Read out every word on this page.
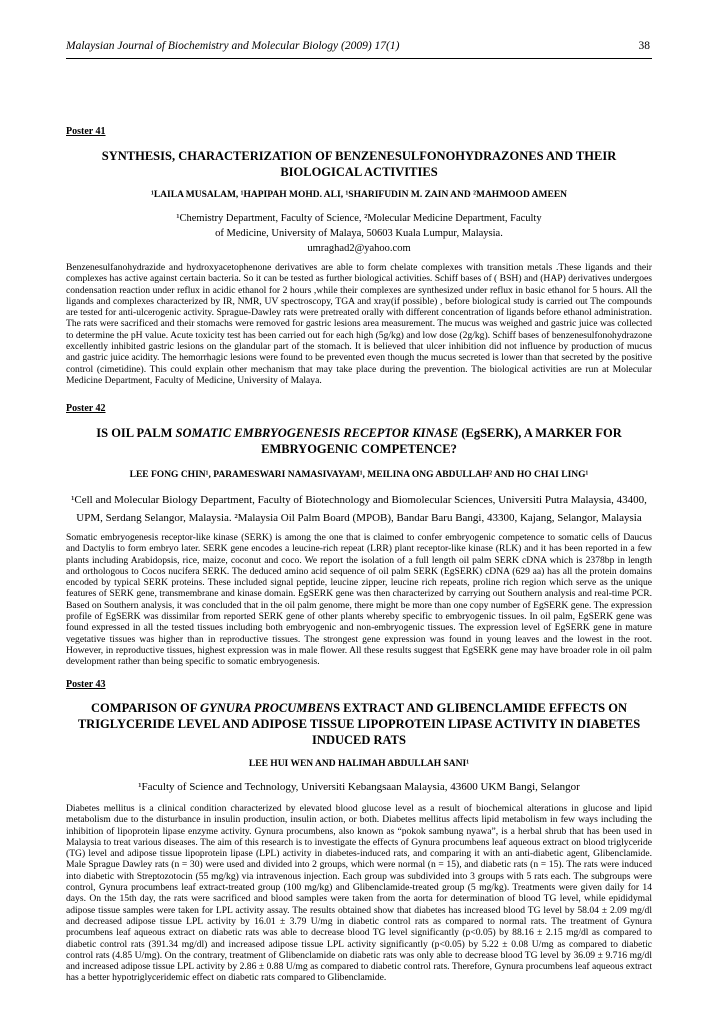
Malaysian Journal of Biochemistry and Molecular Biology (2009) 17(1)	38

Poster 41

SYNTHESIS, CHARACTERIZATION OF BENZENESULFONOHYDRAZONES AND THEIR BIOLOGICAL ACTIVITIES

¹LAILA MUSALAM, ¹HAPIPAH MOHD. ALI, ¹SHARIFUDIN M. ZAIN AND ²MAHMOOD AMEEN

¹Chemistry Department, Faculty of Science, ²Molecular Medicine Department, Faculty of Medicine, University of Malaya, 50603 Kuala Lumpur, Malaysia.

umraghad2@yahoo.com

Benzenesulfanohydrazide and hydroxyacetophenone derivatives are able to form chelate complexes with transition metals .These ligands and their complexes has active against certain bacteria. So it can be tested as further biological activities. Schiff bases of ( BSH) and (HAP) derivatives undergoes condensation reaction under reflux in acidic ethanol for 2 hours ,while their complexes are synthesized under reflux in basic ethanol for 5 hours. All the ligands and complexes characterized by IR, NMR, UV spectroscopy, TGA and xray(if possible) , before biological study is carried out The compounds are tested for anti-ulcerogenic activity. Sprague-Dawley rats were pretreated orally with different concentration of ligands before ethanol administration. The rats were sacrificed and their stomachs were removed for gastric lesions area measurement. The mucus was weighed and gastric juice was collected to determine the pH value. Acute toxicity test has been carried out for each high (5g/kg) and low dose (2g/kg). Schiff bases of benzenesulfonohydrazone excellently inhibited gastric lesions on the glandular part of the stomach. It is believed that ulcer inhibition did not influence by production of mucus and gastric juice acidity. The hemorrhagic lesions were found to be prevented even though the mucus secreted is lower than that secreted by the positive control (cimetidine). This could explain other mechanism that may take place during the prevention. The biological activities are run at Molecular Medicine Department, Faculty of Medicine, University of Malaya.

Poster 42

IS OIL PALM SOMATIC EMBRYOGENESIS RECEPTOR KINASE (EgSERK), A MARKER FOR EMBRYOGENIC COMPETENCE?

LEE FONG CHIN¹, PARAMESWARI NAMASIVAYAM¹, MEILINA ONG ABDULLAH² AND HO CHAI LING¹

¹Cell and Molecular Biology Department, Faculty of Biotechnology and Biomolecular Sciences, Universiti Putra Malaysia, 43400, UPM, Serdang Selangor, Malaysia. ²Malaysia Oil Palm Board (MPOB), Bandar Baru Bangi, 43300, Kajang, Selangor, Malaysia

Somatic embryogenesis receptor-like kinase (SERK) is among the one that is claimed to confer embryogenic competence to somatic cells of Daucus and Dactylis to form embryo later. SERK gene encodes a leucine-rich repeat (LRR) plant receptor-like kinase (RLK) and it has been reported in a few plants including Arabidopsis, rice, maize, coconut and coco. We report the isolation of a full length oil palm SERK cDNA which is 2378bp in length and orthologous to Cocos nucifera SERK. The deduced amino acid sequence of oil palm SERK (EgSERK) cDNA (629 aa) has all the protein domains encoded by typical SERK proteins. These included signal peptide, leucine zipper, leucine rich repeats, proline rich region which serve as the unique features of SERK gene, transmembrane and kinase domain. EgSERK gene was then characterized by carrying out Southern analysis and real-time PCR. Based on Southern analysis, it was concluded that in the oil palm genome, there might be more than one copy number of EgSERK gene. The expression profile of EgSERK was dissimilar from reported SERK gene of other plants whereby specific to embryogenic tissues. In oil palm, EgSERK gene was found expressed in all the tested tissues including both embryogenic and non-embryogenic tissues. The expression level of EgSERK gene in mature vegetative tissues was higher than in reproductive tissues. The strongest gene expression was found in young leaves and the lowest in the root. However, in reproductive tissues, highest expression was in male flower. All these results suggest that EgSERK gene may have broader role in oil palm development rather than being specific to somatic embryogenesis.

Poster 43

COMPARISON OF GYNURA PROCUMBENS EXTRACT AND GLIBENCLAMIDE EFFECTS ON TRIGLYCERIDE LEVEL AND ADIPOSE TISSUE LIPOPROTEIN LIPASE ACTIVITY IN DIABETES INDUCED RATS

LEE HUI WEN AND HALIMAH ABDULLAH SANI¹

¹Faculty of Science and Technology, Universiti Kebangsaan Malaysia, 43600 UKM Bangi, Selangor

Diabetes mellitus is a clinical condition characterized by elevated blood glucose level as a result of biochemical alterations in glucose and lipid metabolism due to the disturbance in insulin production, insulin action, or both. Diabetes mellitus affects lipid metabolism in few ways including the inhibition of lipoprotein lipase enzyme activity. Gynura procumbens, also known as “pokok sambung nyawa”, is a herbal shrub that has been used in Malaysia to treat various diseases. The aim of this research is to investigate the effects of Gynura procumbens leaf aqueous extract on blood triglyceride (TG) level and adipose tissue lipoprotein lipase (LPL) activity in diabetes-induced rats, and comparing it with an anti-diabetic agent, Glibenclamide. Male Sprague Dawley rats (n = 30) were used and divided into 2 groups, which were normal (n = 15), and diabetic rats (n = 15). The rats were induced into diabetic with Streptozotocin (55 mg/kg) via intravenous injection. Each group was subdivided into 3 groups with 5 rats each. The subgroups were control, Gynura procumbens leaf extract-treated group (100 mg/kg) and Glibenclamide-treated group (5 mg/kg). Treatments were given daily for 14 days. On the 15th day, the rats were sacrificed and blood samples were taken from the aorta for determination of blood TG level, while epididymal adipose tissue samples were taken for LPL activity assay. The results obtained show that diabetes has increased blood TG level by 58.04 ± 2.09 mg/dl and decreased adipose tissue LPL activity by 16.01 ± 3.79 U/mg in diabetic control rats as compared to normal rats. The treatment of Gynura procumbens leaf aqueous extract on diabetic rats was able to decrease blood TG level significantly (p<0.05) by 88.16 ± 2.15 mg/dl as compared to diabetic control rats (391.34 mg/dl) and increased adipose tissue LPL activity significantly (p<0.05) by 5.22 ± 0.08 U/mg as compared to diabetic control rats (4.85 U/mg). On the contrary, treatment of Glibenclamide on diabetic rats was only able to decrease blood TG level by 36.09 ± 9.716 mg/dl and increased adipose tissue LPL activity by 2.86 ± 0.88 U/mg as compared to diabetic control rats. Therefore, Gynura procumbens leaf aqueous extract has a better hypotriglyceridemic effect on diabetic rats compared to Glibenclamide.
